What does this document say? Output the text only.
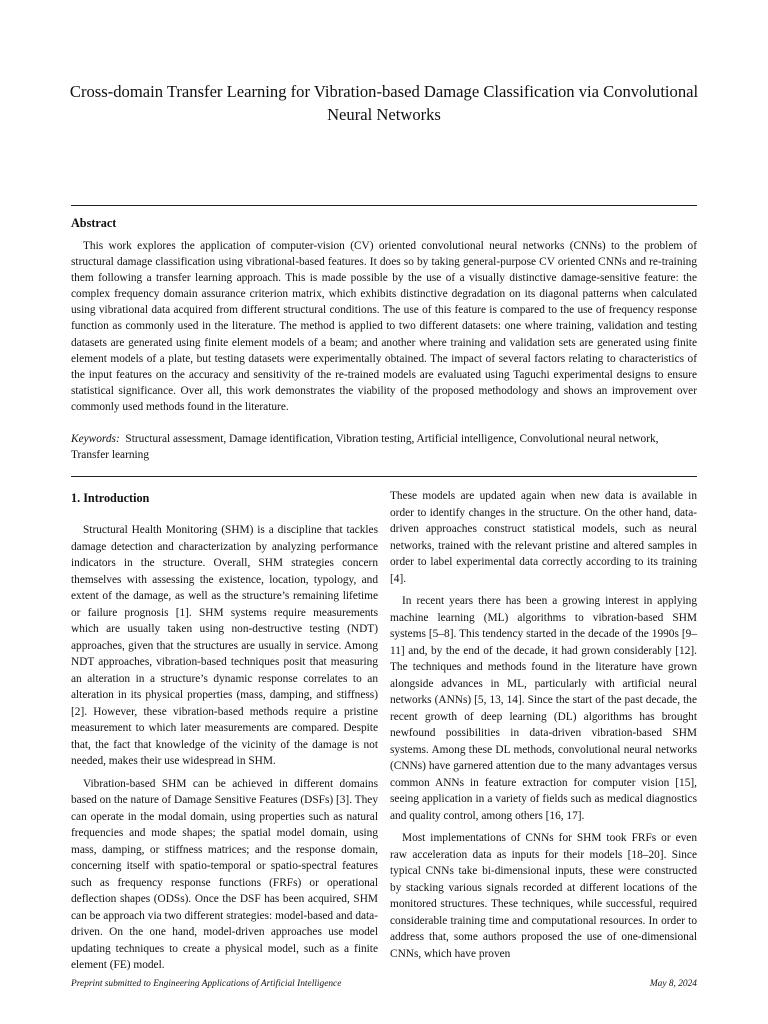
Cross-domain Transfer Learning for Vibration-based Damage Classification via Convolutional Neural Networks
Abstract

This work explores the application of computer-vision (CV) oriented convolutional neural networks (CNNs) to the problem of structural damage classification using vibrational-based features. It does so by taking general-purpose CV oriented CNNs and re-training them following a transfer learning approach. This is made possible by the use of a visually distinctive damage-sensitive feature: the complex frequency domain assurance criterion matrix, which exhibits distinctive degradation on its diagonal patterns when calculated using vibrational data acquired from different structural conditions. The use of this feature is compared to the use of frequency response function as commonly used in the literature. The method is applied to two different datasets: one where training, validation and testing datasets are generated using finite element models of a beam; and another where training and validation sets are generated using finite element models of a plate, but testing datasets were experimentally obtained. The impact of several factors relating to characteristics of the input features on the accuracy and sensitivity of the re-trained models are evaluated using Taguchi experimental designs to ensure statistical significance. Over all, this work demonstrates the viability of the proposed methodology and shows an improvement over commonly used methods found in the literature.

Keywords: Structural assessment, Damage identification, Vibration testing, Artificial intelligence, Convolutional neural network, Transfer learning

1. Introduction

Structural Health Monitoring (SHM) is a discipline that tackles damage detection and characterization by analyzing performance indicators in the structure. Overall, SHM strategies concern themselves with assessing the existence, location, typology, and extent of the damage, as well as the structure’s remaining lifetime or failure prognosis [1]. SHM systems require measurements which are usually taken using non-destructive testing (NDT) approaches, given that the structures are usually in service. Among NDT approaches, vibration-based techniques posit that measuring an alteration in a structure’s dynamic response correlates to an alteration in its physical properties (mass, damping, and stiffness) [2]. However, these vibration-based methods require a pristine measurement to which later measurements are compared. Despite that, the fact that knowledge of the vicinity of the damage is not needed, makes their use widespread in SHM.

Vibration-based SHM can be achieved in different domains based on the nature of Damage Sensitive Features (DSFs) [3]. They can operate in the modal domain, using properties such as natural frequencies and mode shapes; the spatial model domain, using mass, damping, or stiffness matrices; and the response domain, concerning itself with spatio-temporal or spatio-spectral features such as frequency response functions (FRFs) or operational deflection shapes (ODSs). Once the DSF has been acquired, SHM can be approach via two different strategies: model-based and data-driven. On the one hand, model-driven approaches use model updating techniques to create a physical model, such as a finite element (FE) model.

These models are updated again when new data is available in order to identify changes in the structure. On the other hand, data-driven approaches construct statistical models, such as neural networks, trained with the relevant pristine and altered samples in order to label experimental data correctly according to its training [4].

In recent years there has been a growing interest in applying machine learning (ML) algorithms to vibration-based SHM systems [5–8]. This tendency started in the decade of the 1990s [9–11] and, by the end of the decade, it had grown considerably [12]. The techniques and methods found in the literature have grown alongside advances in ML, particularly with artificial neural networks (ANNs) [5, 13, 14]. Since the start of the past decade, the recent growth of deep learning (DL) algorithms has brought newfound possibilities in data-driven vibration-based SHM systems. Among these DL methods, convolutional neural networks (CNNs) have garnered attention due to the many advantages versus common ANNs in feature extraction for computer vision [15], seeing application in a variety of fields such as medical diagnostics and quality control, among others [16, 17].

Most implementations of CNNs for SHM took FRFs or even raw acceleration data as inputs for their models [18–20]. Since typical CNNs take bi-dimensional inputs, these were constructed by stacking various signals recorded at different locations of the monitored structures. These techniques, while successful, required considerable training time and computational resources. In order to address that, some authors proposed the use of one-dimensional CNNs, which have proven

Preprint submitted to Engineering Applications of Artificial Intelligence	May 8, 2024
